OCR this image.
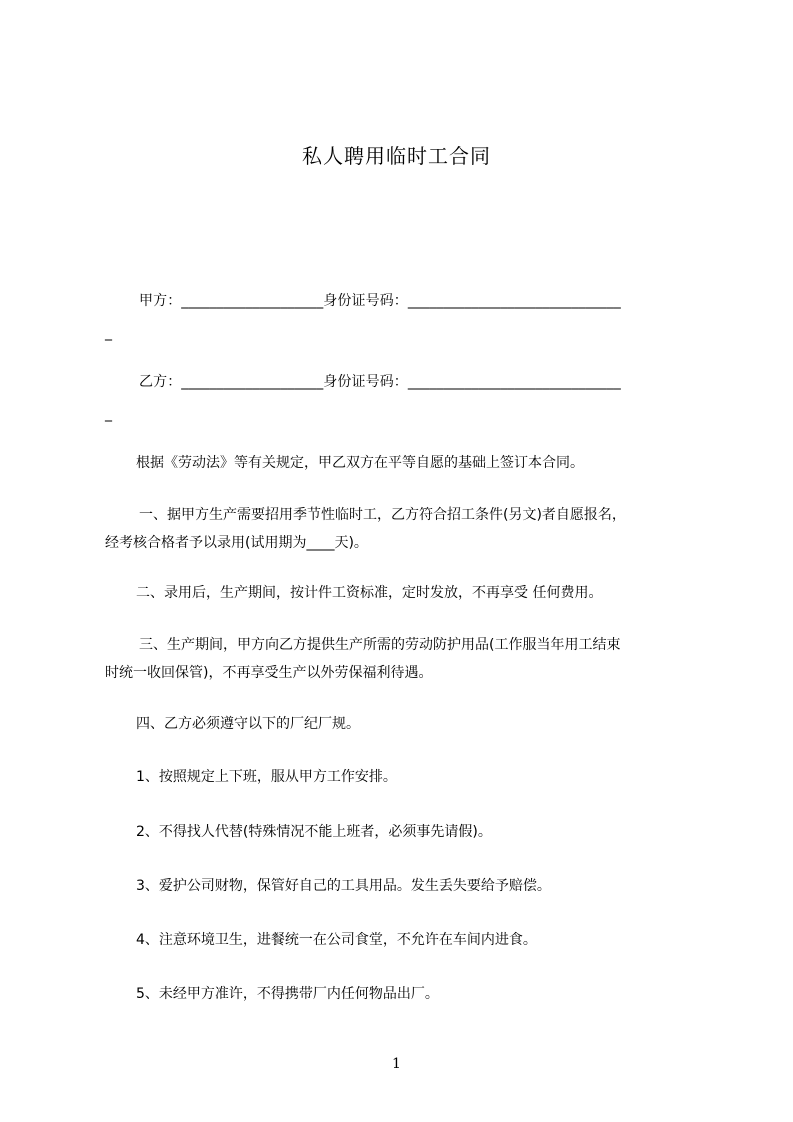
私人聘用临时工合同
甲方：____________________身份证号码：______________________________
_
乙方：____________________身份证号码：______________________________
_
根据《劳动法》等有关规定，甲乙双方在平等自愿的基础上签订本合同。
一、据甲方生产需要招用季节性临时工，乙方符合招工条件(另文)者自愿报名，
经考核合格者予以录用(试用期为____天)。
二、录用后，生产期间，按计件工资标准，定时发放，不再享受 任何费用。
三、生产期间，甲方向乙方提供生产所需的劳动防护用品(工作服当年用工结束
时统一收回保管)，不再享受生产以外劳保福利待遇。
四、乙方必须遵守以下的厂纪厂规。
1、按照规定上下班，服从甲方工作安排。
2、不得找人代替(特殊情况不能上班者，必须事先请假)。
3、爱护公司财物，保管好自己的工具用品。发生丢失要给予赔偿。
4、注意环境卫生，进餐统一在公司食堂，不允许在车间内进食。
5、未经甲方准许，不得携带厂内任何物品出厂。
1
